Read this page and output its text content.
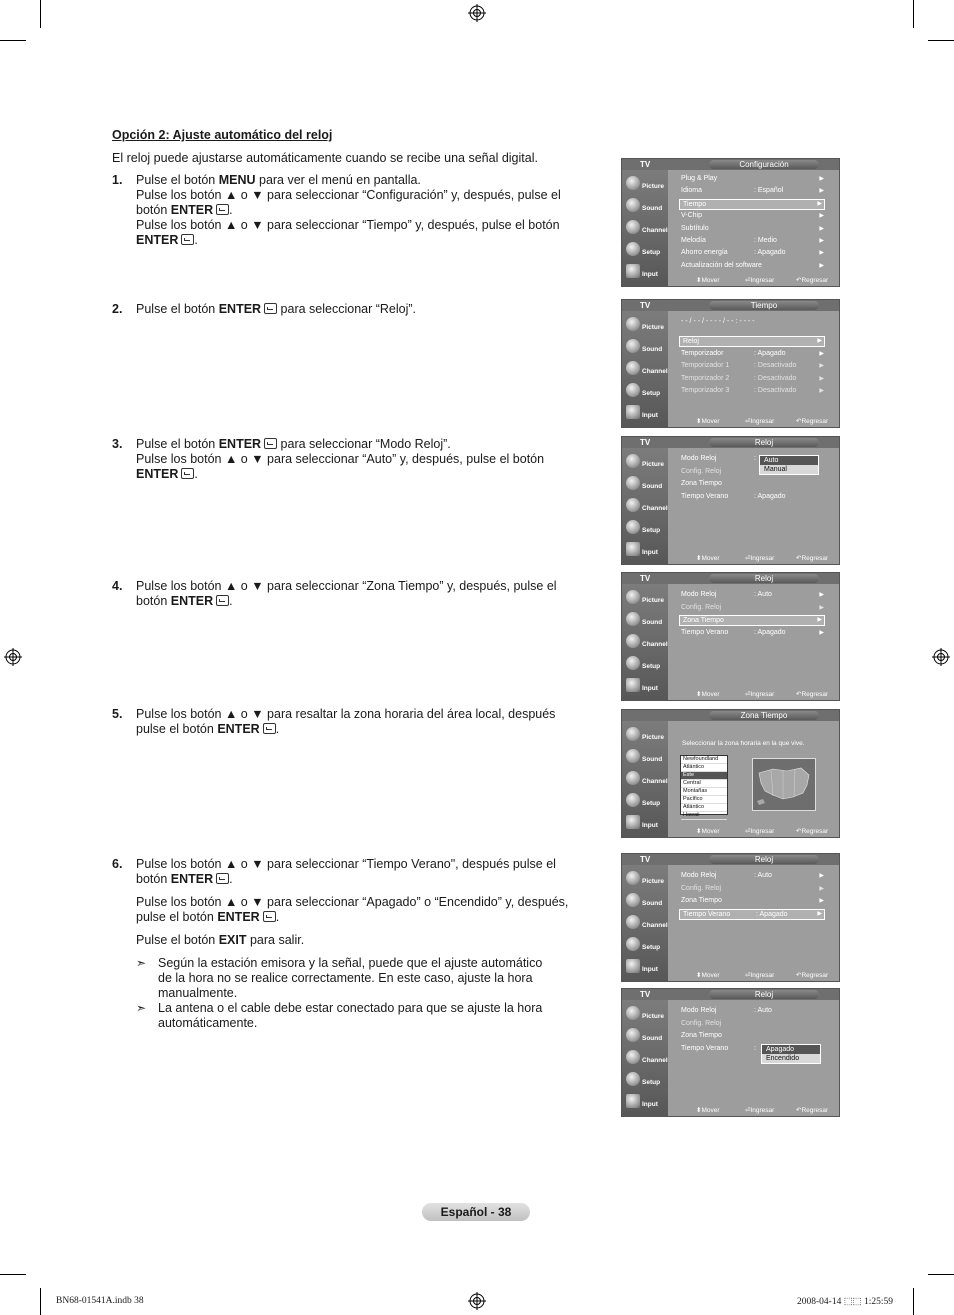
Opción 2: Ajuste automático del reloj
El reloj puede ajustarse automáticamente cuando se recibe una señal digital.
1. Pulse el botón MENU para ver el menú en pantalla.
Pulse los botón ▲ o ▼ para seleccionar “Configuración” y, después, pulse el
botón ENTER .
Pulse los botón ▲ o ▼ para seleccionar “Tiempo” y, después, pulse el botón
ENTER .
2. Pulse el botón ENTER para seleccionar “Reloj”.
3. Pulse el botón ENTER para seleccionar “Modo Reloj”.
Pulse los botón ▲ o ▼ para seleccionar “Auto” y, después, pulse el botón
ENTER .
4. Pulse los botón ▲ o ▼ para seleccionar “Zona Tiempo” y, después, pulse el
botón ENTER .
5. Pulse los botón ▲ o ▼ para resaltar la zona horaria del área local, después
pulse el botón ENTER .
6. Pulse los botón ▲ o ▼ para seleccionar “Tiempo Verano", después pulse el
botón ENTER .
Pulse los botón ▲ o ▼ para seleccionar “Apagado” o “Encendido” y, después,
pulse el botón ENTER .
Pulse el botón EXIT para salir.
➣ Según la estación emisora y la señal, puede que el ajuste automático
de la hora no se realice correctamente. En este caso, ajuste la hora
manualmente.
➣ La antena o el cable debe estar conectado para que se ajuste la hora
automáticamente.
TV	Configuración
Picture
Sound
Channel
Setup
Input
⬍Mover	⏎Ingresar	↶Regresar
Plug & Play	▶
Idioma	: Español	▶
Tiempo	▶
V-Chip	▶
Subtítulo	▶
Melodía	: Medio	▶
Ahorro energía	: Apagado	▶
Actualización del software	▶
TV	Tiempo
Picture
Sound
Channel
Setup
Input
⬍Mover	⏎Ingresar	↶Regresar
- - / - - / - - - - / - - : - - - -
Reloj	▶
Temporizador	: Apagado	▶
Temporizador 1	: Desactivado	▶
Temporizador 2	: Desactivado	▶
Temporizador 3	: Desactivado	▶
TV	Reloj
Picture
Sound
Channel
Setup
Input
⬍Mover	⏎Ingresar	↶Regresar
Modo Reloj	:
Config. Reloj
Zona Tiempo
Tiempo Verano	: Apagado
Auto
Manual
TV	Reloj
Picture
Sound
Channel
Setup
Input
⬍Mover	⏎Ingresar	↶Regresar
Modo Reloj	: Auto	▶
Config. Reloj	▶
Zona Tiempo	▶
Tiempo Verano	: Apagado	▶
Zona Tiempo
Picture
Sound
Channel
Setup
Input
⬍Mover	⏎Ingresar	↶Regresar
Seleccionar la zona horaria en la que vive.
Newfoundland
Atlántico
Este
Central
Montañas
Pacífico
Atlántico
Hawaii
TV	Reloj
Picture
Sound
Channel
Setup
Input
⬍Mover	⏎Ingresar	↶Regresar
Modo Reloj	: Auto	▶
Config. Reloj	▶
Zona Tiempo	▶
Tiempo Verano	: Apagado	▶
TV	Reloj
Picture
Sound
Channel
Setup
Input
⬍Mover	⏎Ingresar	↶Regresar
Modo Reloj	: Auto
Config. Reloj
Zona Tiempo
Tiempo Verano	:	Apagado
Encendido
Español - 38
BN68-01541A.indb 38	2008-04-14 ⬚⬚ 1:25:59
